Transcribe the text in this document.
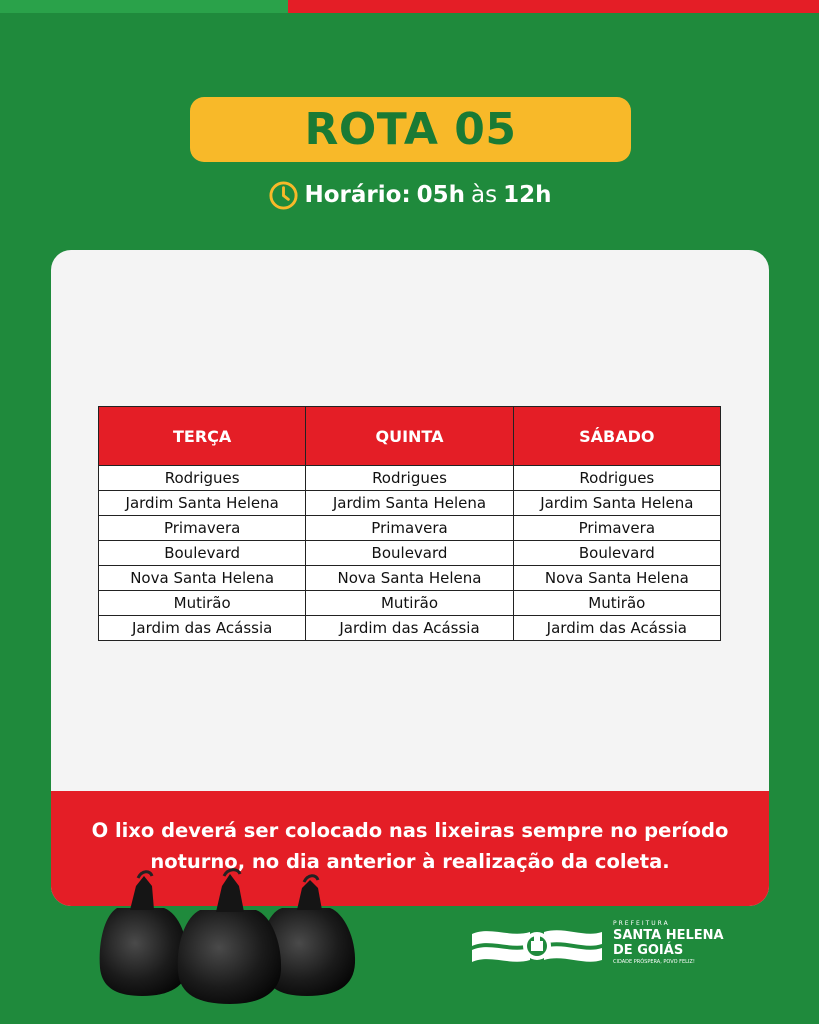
ROTA 05
Horário: 05h às 12h
TERÇA	QUINTA	SÁBADO
Rodrigues	Rodrigues	Rodrigues
Jardim Santa Helena	Jardim Santa Helena	Jardim Santa Helena
Primavera	Primavera	Primavera
Boulevard	Boulevard	Boulevard
Nova Santa Helena	Nova Santa Helena	Nova Santa Helena
Mutirão	Mutirão	Mutirão
Jardim das Acássia	Jardim das Acássia	Jardim das Acássia
O lixo deverá ser colocado nas lixeiras sempre no período
noturno, no dia anterior à realização da coleta.
PREFEITURA
SANTA HELENA
DE GOIÁS
CIDADE PRÓSPERA, POVO FELIZ!
